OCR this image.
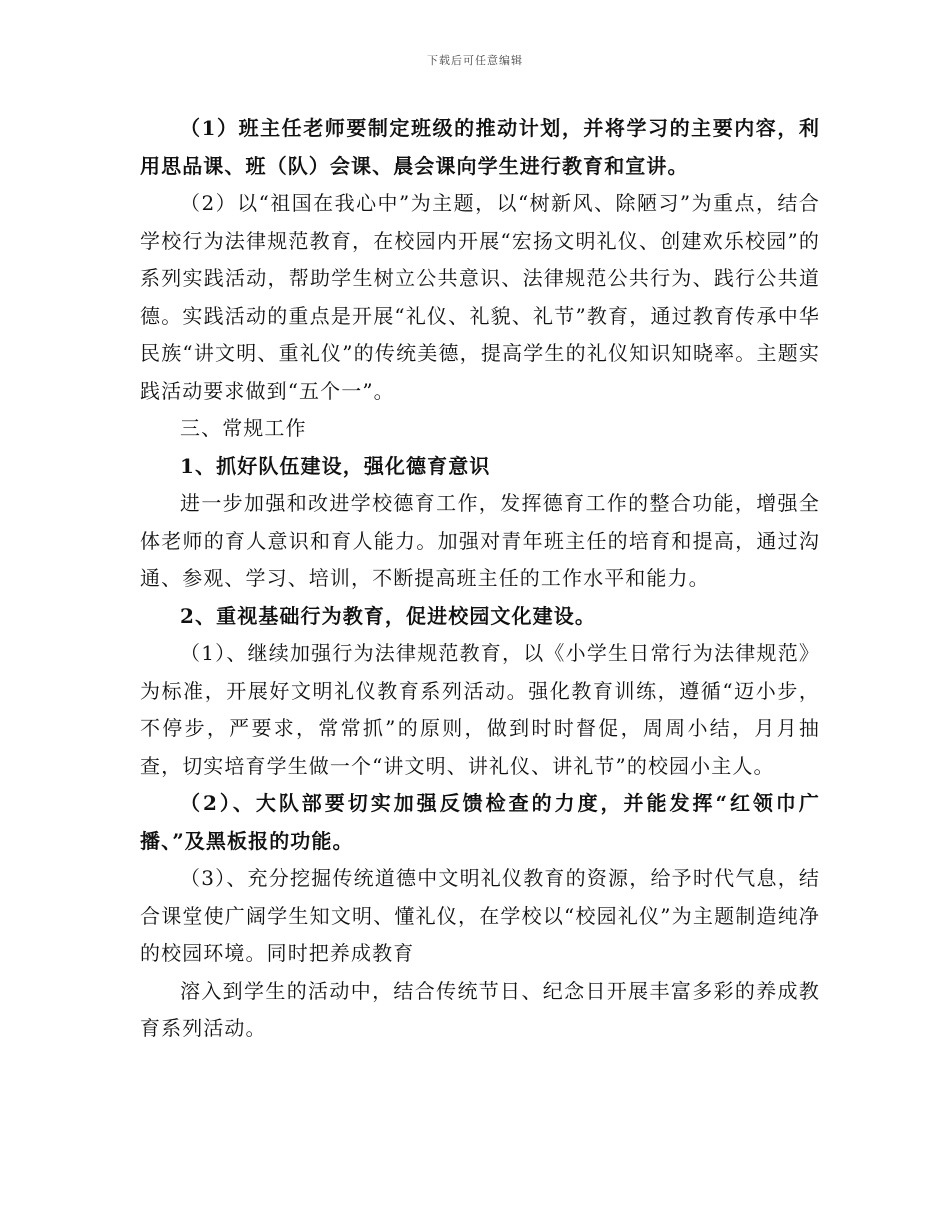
下载后可任意编辑

（1）班主任老师要制定班级的推动计划，并将学习的主要内容，利用思品课、班（队）会课、晨会课向学生进行教育和宣讲。

（2）以“祖国在我心中”为主题，以“树新风、除陋习”为重点，结合学校行为法律规范教育，在校园内开展“宏扬文明礼仪、创建欢乐校园”的系列实践活动，帮助学生树立公共意识、法律规范公共行为、践行公共道德。实践活动的重点是开展“礼仪、礼貌、礼节”教育，通过教育传承中华民族“讲文明、重礼仪”的传统美德，提高学生的礼仪知识知晓率。主题实践活动要求做到“五个一”。

三、常规工作

1、抓好队伍建设，强化德育意识

进一步加强和改进学校德育工作，发挥德育工作的整合功能，增强全体老师的育人意识和育人能力。加强对青年班主任的培育和提高，通过沟通、参观、学习、培训，不断提高班主任的工作水平和能力。

2、重视基础行为教育，促进校园文化建设。

（1）、继续加强行为法律规范教育，以《小学生日常行为法律规范》为标准，开展好文明礼仪教育系列活动。强化教育训练，遵循“迈小步，不停步，严要求，常常抓”的原则，做到时时督促，周周小结，月月抽查，切实培育学生做一个“讲文明、讲礼仪、讲礼节”的校园小主人。

（2）、大队部要切实加强反馈检查的力度，并能发挥“红领巾广播、”及黑板报的功能。

（3）、充分挖掘传统道德中文明礼仪教育的资源，给予时代气息，结合课堂使广阔学生知文明、懂礼仪，在学校以“校园礼仪”为主题制造纯净的校园环境。同时把养成教育

溶入到学生的活动中，结合传统节日、纪念日开展丰富多彩的养成教育系列活动。
